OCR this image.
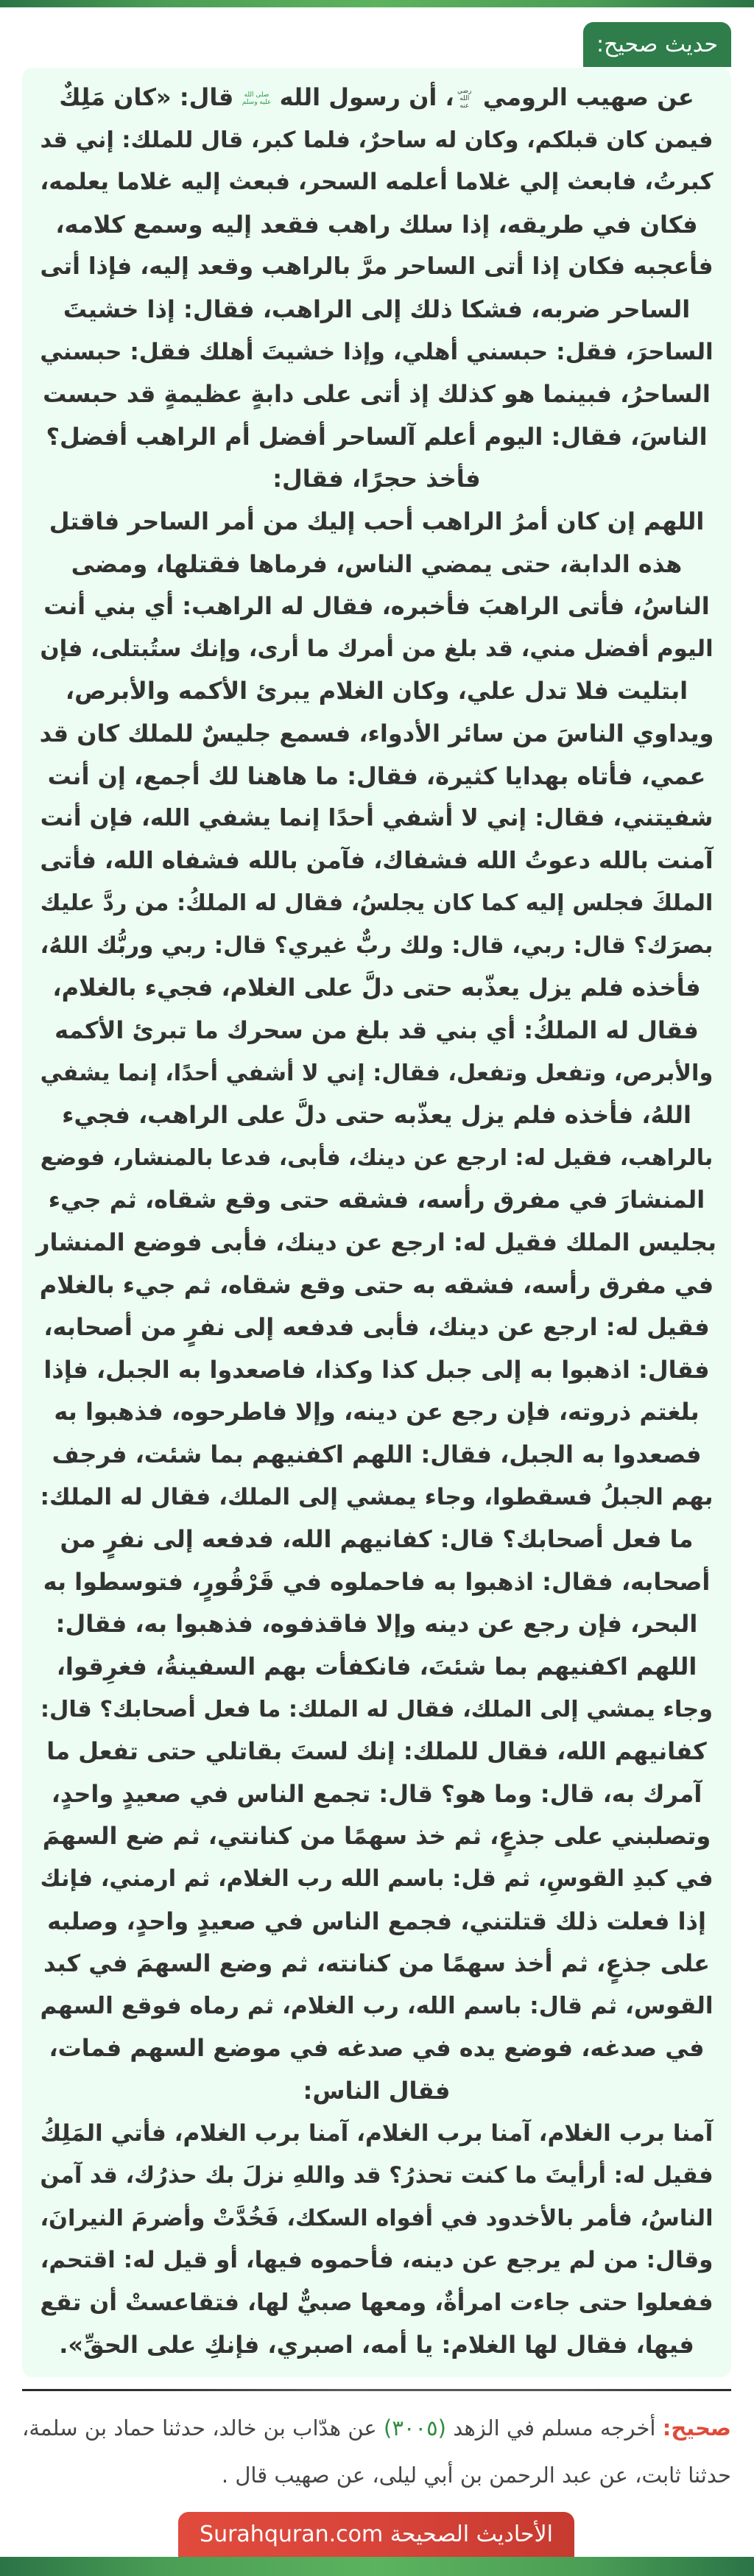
حديث صحيح:
عن صهيب الرومي رضي الله عنه، أن رسول الله صلى الله عليه وسلم قال: «كان مَلِكٌ
فيمن كان قبلكم، وكان له ساحرٌ، فلما كبر، قال للملك: إني قد
كبرتُ، فابعث إلي غلاما أعلمه السحر، فبعث إليه غلاما يعلمه،
فكان في طريقه، إذا سلك راهب فقعد إليه وسمع كلامه،
فأعجبه فكان إذا أتى الساحر مرَّ بالراهب وقعد إليه، فإذا أتى
الساحر ضربه، فشكا ذلك إلى الراهب، فقال: إذا خشيتَ
الساحرَ، فقل: حبسني أهلي، وإذا خشيتَ أهلك فقل: حبسني
الساحرُ، فبينما هو كذلك إذ أتى على دابةٍ عظيمةٍ قد حبست
الناسَ، فقال: اليوم أعلم آلساحر أفضل أم الراهب أفضل؟
فأخذ حجرًا، فقال:
اللهم إن كان أمرُ الراهب أحب إليك من أمر الساحر فاقتل
هذه الدابة، حتى يمضي الناس، فرماها فقتلها، ومضى
الناسُ، فأتى الراهبَ فأخبره، فقال له الراهب: أي بني أنت
اليوم أفضل مني، قد بلغ من أمرك ما أرى، وإنك ستُبتلى، فإن
ابتليت فلا تدل علي، وكان الغلام يبرئ الأكمه والأبرص،
ويداوي الناسَ من سائر الأدواء، فسمع جليسٌ للملك كان قد
عمي، فأتاه بهدايا كثيرة، فقال: ما هاهنا لك أجمع، إن أنت
شفيتني، فقال: إني لا أشفي أحدًا إنما يشفي الله، فإن أنت
آمنت بالله دعوتُ الله فشفاك، فآمن بالله فشفاه الله، فأتى
الملكَ فجلس إليه كما كان يجلسُ، فقال له الملكُ: من ردَّ عليك
بصرَك؟ قال: ربي، قال: ولك ربٌّ غيري؟ قال: ربي وربُّك اللهُ،
فأخذه فلم يزل يعذّبه حتى دلَّ على الغلام، فجيء بالغلام،
فقال له الملكُ: أي بني قد بلغ من سحرك ما تبرئ الأكمه
والأبرص، وتفعل وتفعل، فقال: إني لا أشفي أحدًا، إنما يشفي
اللهُ، فأخذه فلم يزل يعذّبه حتى دلَّ على الراهب، فجيء
بالراهب، فقيل له: ارجع عن دينك، فأبى، فدعا بالمنشار، فوضع
المنشارَ في مفرق رأسه، فشقه حتى وقع شقاه، ثم جيء
بجليس الملك فقيل له: ارجع عن دينك، فأبى فوضع المنشار
في مفرق رأسه، فشقه به حتى وقع شقاه، ثم جيء بالغلام
فقيل له: ارجع عن دينك، فأبى فدفعه إلى نفرٍ من أصحابه،
فقال: اذهبوا به إلى جبل كذا وكذا، فاصعدوا به الجبل، فإذا
بلغتم ذروته، فإن رجع عن دينه، وإلا فاطرحوه، فذهبوا به
فصعدوا به الجبل، فقال: اللهم اكفنيهم بما شئت، فرجف
بهم الجبلُ فسقطوا، وجاء يمشي إلى الملك، فقال له الملك:
ما فعل أصحابك؟ قال: كفانيهم الله، فدفعه إلى نفرٍ من
أصحابه، فقال: اذهبوا به فاحملوه في قَرْقُورٍ، فتوسطوا به
البحر، فإن رجع عن دينه وإلا فاقذفوه، فذهبوا به، فقال:
اللهم اكفنيهم بما شئتَ، فانكفأت بهم السفينةُ، فغرِقوا،
وجاء يمشي إلى الملك، فقال له الملك: ما فعل أصحابك؟ قال:
كفانيهم الله، فقال للملك: إنك لستَ بقاتلي حتى تفعل ما
آمرك به، قال: وما هو؟ قال: تجمع الناس في صعيدٍ واحدٍ،
وتصلبني على جذعٍ، ثم خذ سهمًا من كنانتي، ثم ضع السهمَ
في كبدِ القوسِ، ثم قل: باسم الله رب الغلام، ثم ارمني، فإنك
إذا فعلت ذلك قتلتني، فجمع الناس في صعيدٍ واحدٍ، وصلبه
على جذعٍ، ثم أخذ سهمًا من كنانته، ثم وضع السهمَ في كبد
القوس، ثم قال: باسم الله، رب الغلام، ثم رماه فوقع السهم
في صدغه، فوضع يده في صدغه في موضع السهم فمات،
فقال الناس:
آمنا برب الغلام، آمنا برب الغلام، آمنا برب الغلام، فأتي المَلِكُ
فقيل له: أرأيتَ ما كنت تحذرُ؟ قد واللهِ نزلَ بك حذرُك، قد آمن
الناسُ، فأمر بالأخدود في أفواه السكك، فَخُدَّتْ وأضرمَ النيرانَ،
وقال: من لم يرجع عن دينه، فأحموه فيها، أو قيل له: اقتحم،
ففعلوا حتى جاءت امرأةٌ، ومعها صبيٌّ لها، فتقاعستْ أن تقع
فيها، فقال لها الغلام: يا أمه، اصبري، فإنكِ على الحقِّ».

صحيح: أخرجه مسلم في الزهد (٣٠٠٥) عن هدّاب بن خالد، حدثنا حماد بن سلمة، حدثنا ثابت، عن عبد الرحمن بن أبي ليلى، عن صهيب قال .

الأحاديث الصحيحة Surahquran.com
